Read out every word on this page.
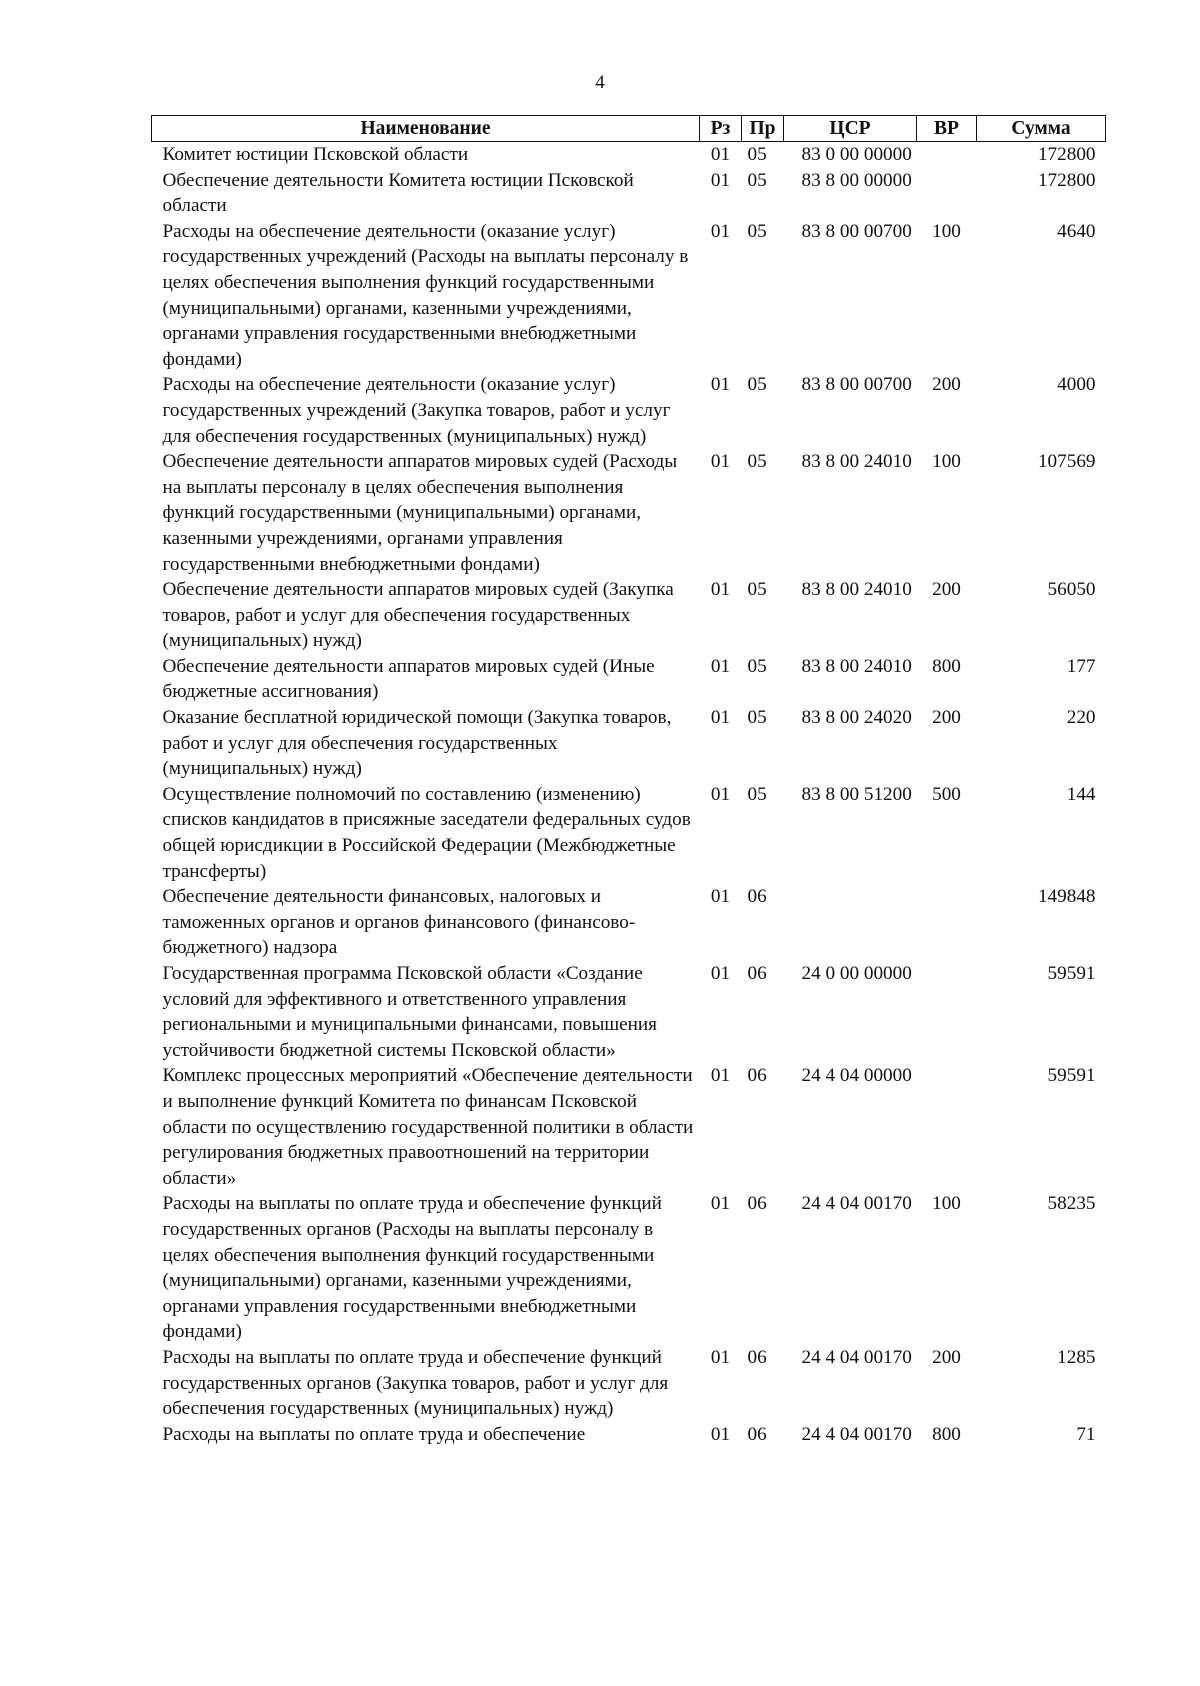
4
Наименование	Рз	Пр	ЦСР	ВР	Сумма
Комитет юстиции Псковской области	01	05	83 0 00 00000		172800
Обеспечение деятельности Комитета юстиции Псковской области	01	05	83 8 00 00000		172800
Расходы на обеспечение деятельности (оказание услуг) государственных учреждений (Расходы на выплаты персоналу в целях обеспечения выполнения функций государственными (муниципальными) органами, казенными учреждениями, органами управления государственными внебюджетными фондами)	01	05	83 8 00 00700	100	4640
Расходы на обеспечение деятельности (оказание услуг) государственных учреждений (Закупка товаров, работ и услуг для обеспечения государственных (муниципальных) нужд)	01	05	83 8 00 00700	200	4000
Обеспечение деятельности аппаратов мировых судей (Расходы на выплаты персоналу в целях обеспечения выполнения функций государственными (муниципальными) органами, казенными учреждениями, органами управления государственными внебюджетными фондами)	01	05	83 8 00 24010	100	107569
Обеспечение деятельности аппаратов мировых судей (Закупка товаров, работ и услуг для обеспечения государственных (муниципальных) нужд)	01	05	83 8 00 24010	200	56050
Обеспечение деятельности аппаратов мировых судей (Иные бюджетные ассигнования)	01	05	83 8 00 24010	800	177
Оказание бесплатной юридической помощи (Закупка товаров, работ и услуг для обеспечения государственных (муниципальных) нужд)	01	05	83 8 00 24020	200	220
Осуществление полномочий по составлению (изменению) списков кандидатов в присяжные заседатели федеральных судов общей юрисдикции в Российской Федерации (Межбюджетные трансферты)	01	05	83 8 00 51200	500	144
Обеспечение деятельности финансовых, налоговых и таможенных органов и органов финансового (финансово-бюджетного) надзора	01	06			149848
Государственная программа Псковской области «Создание условий для эффективного и ответственного управления региональными и муниципальными финансами, повышения устойчивости бюджетной системы Псковской области»	01	06	24 0 00 00000		59591
Комплекс процессных мероприятий «Обеспечение деятельности и выполнение функций Комитета по финансам Псковской области по осуществлению государственной политики в области регулирования бюджетных правоотношений на территории области»	01	06	24 4 04 00000		59591
Расходы на выплаты по оплате труда и обеспечение функций государственных органов (Расходы на выплаты персоналу в целях обеспечения выполнения функций государственными (муниципальными) органами, казенными учреждениями, органами управления государственными внебюджетными фондами)	01	06	24 4 04 00170	100	58235
Расходы на выплаты по оплате труда и обеспечение функций государственных органов (Закупка товаров, работ и услуг для обеспечения государственных (муниципальных) нужд)	01	06	24 4 04 00170	200	1285
Расходы на выплаты по оплате труда и обеспечение	01	06	24 4 04 00170	800	71
